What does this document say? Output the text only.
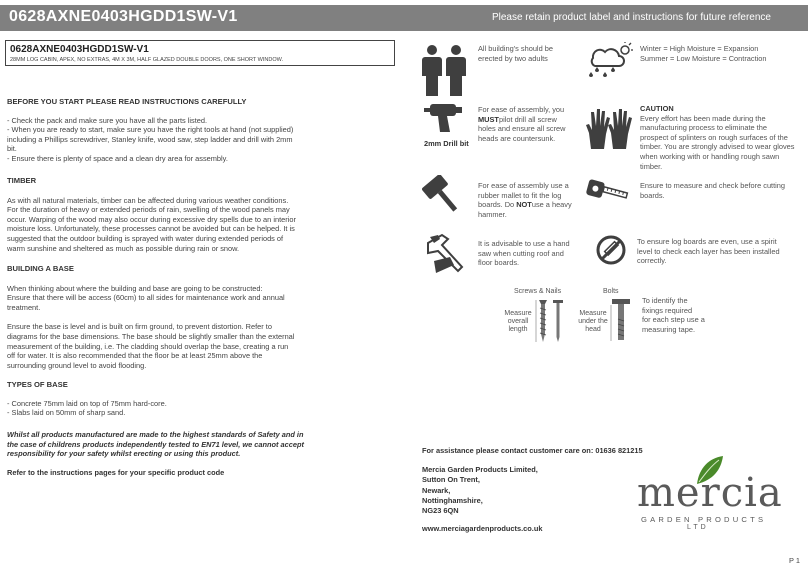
0628AXNE0403HGDD1SW-V1	Please retain product label and instructions for future reference
0628AXNE0403HGDD1SW-V1
28MM LOG CABIN, APEX, NO EXTRAS, 4M X 3M, HALF GLAZED DOUBLE DOORS, ONE SHORT WINDOW.
BEFORE YOU START PLEASE READ INSTRUCTIONS CAREFULLY
- Check the pack and make sure you have all the parts listed.
- When you are ready to start, make sure you have the right tools at hand (not supplied)
including a Phillips screwdriver, Stanley knife, wood saw, step ladder and drill with 2mm
bit.
- Ensure there is plenty of space and a clean dry area for assembly.
TIMBER
As with all natural materials, timber can be affected during various weather conditions.
For the duration of heavy or extended periods of rain, swelling of the wood panels may
occur. Warping of the wood may also occur during excessive dry spells due to an interior
moisture loss. Unfortunately, these processes cannot be avoided but can be helped. It is
suggested that the outdoor building is sprayed with water during extended periods of
warm sunshine and sheltered as much as possible during rain or snow.
BUILDING A BASE
When thinking about where the building and base are going to be constructed:
Ensure that there will be access (60cm) to all sides for maintenance work and annual
treatment.
Ensure the base is level and is built on firm ground, to prevent distortion. Refer to
diagrams for the base dimensions. The base should be slightly smaller than the external
measurement of the building, i.e. The cladding should overlap the base, creating a run
off for water. It is also recommended that the floor be at least 25mm above the
surrounding ground level to avoid flooding.
TYPES OF BASE
- Concrete 75mm laid on top of 75mm hard-core.
- Slabs laid on 50mm of sharp sand.
Whilst all products manufactured are made to the highest standards of Safety and in
the case of childrens products independently tested to EN71 level, we cannot accept
responsibility for your safety whilst erecting or using this product.
Refer to the instructions pages for your specific product code
All building's should be
erected by two adults
Winter = High Moisture = Expansion
Summer = Low Moisture = Contraction
2mm Drill bit
For ease of assembly, you
MUSTpilot drill all screw
holes and ensure all screw
heads are countersunk.
CAUTION
Every effort has been made during the
manufacturing process to eliminate the
prospect of splinters on rough surfaces of the
timber. You are strongly advised to wear gloves
when working with or handling rough sawn
timber.
For ease of assembly use a
rubber mallet to fit the log
boards. Do NOTuse a heavy
hammer.
Ensure to measure and check before cutting
boards.
It is advisable to use a hand
saw when cutting roof and
floor boards.
To ensure log boards are even, use a spirit
level to check each layer has been installed
correctly.
Screws & Nails	Bolts
Measure
overall
length
Measure
under the
head
To identify the
fixings required
for each step use a
measuring tape.
For assistance please contact customer care on: 01636 821215
Mercia Garden Products Limited,
Sutton On Trent,
Newark,
Nottinghamshire,
NG23 6QN
www.merciagardenproducts.co.uk
mercia
GARDEN PRODUCTS
LTD
P 1
